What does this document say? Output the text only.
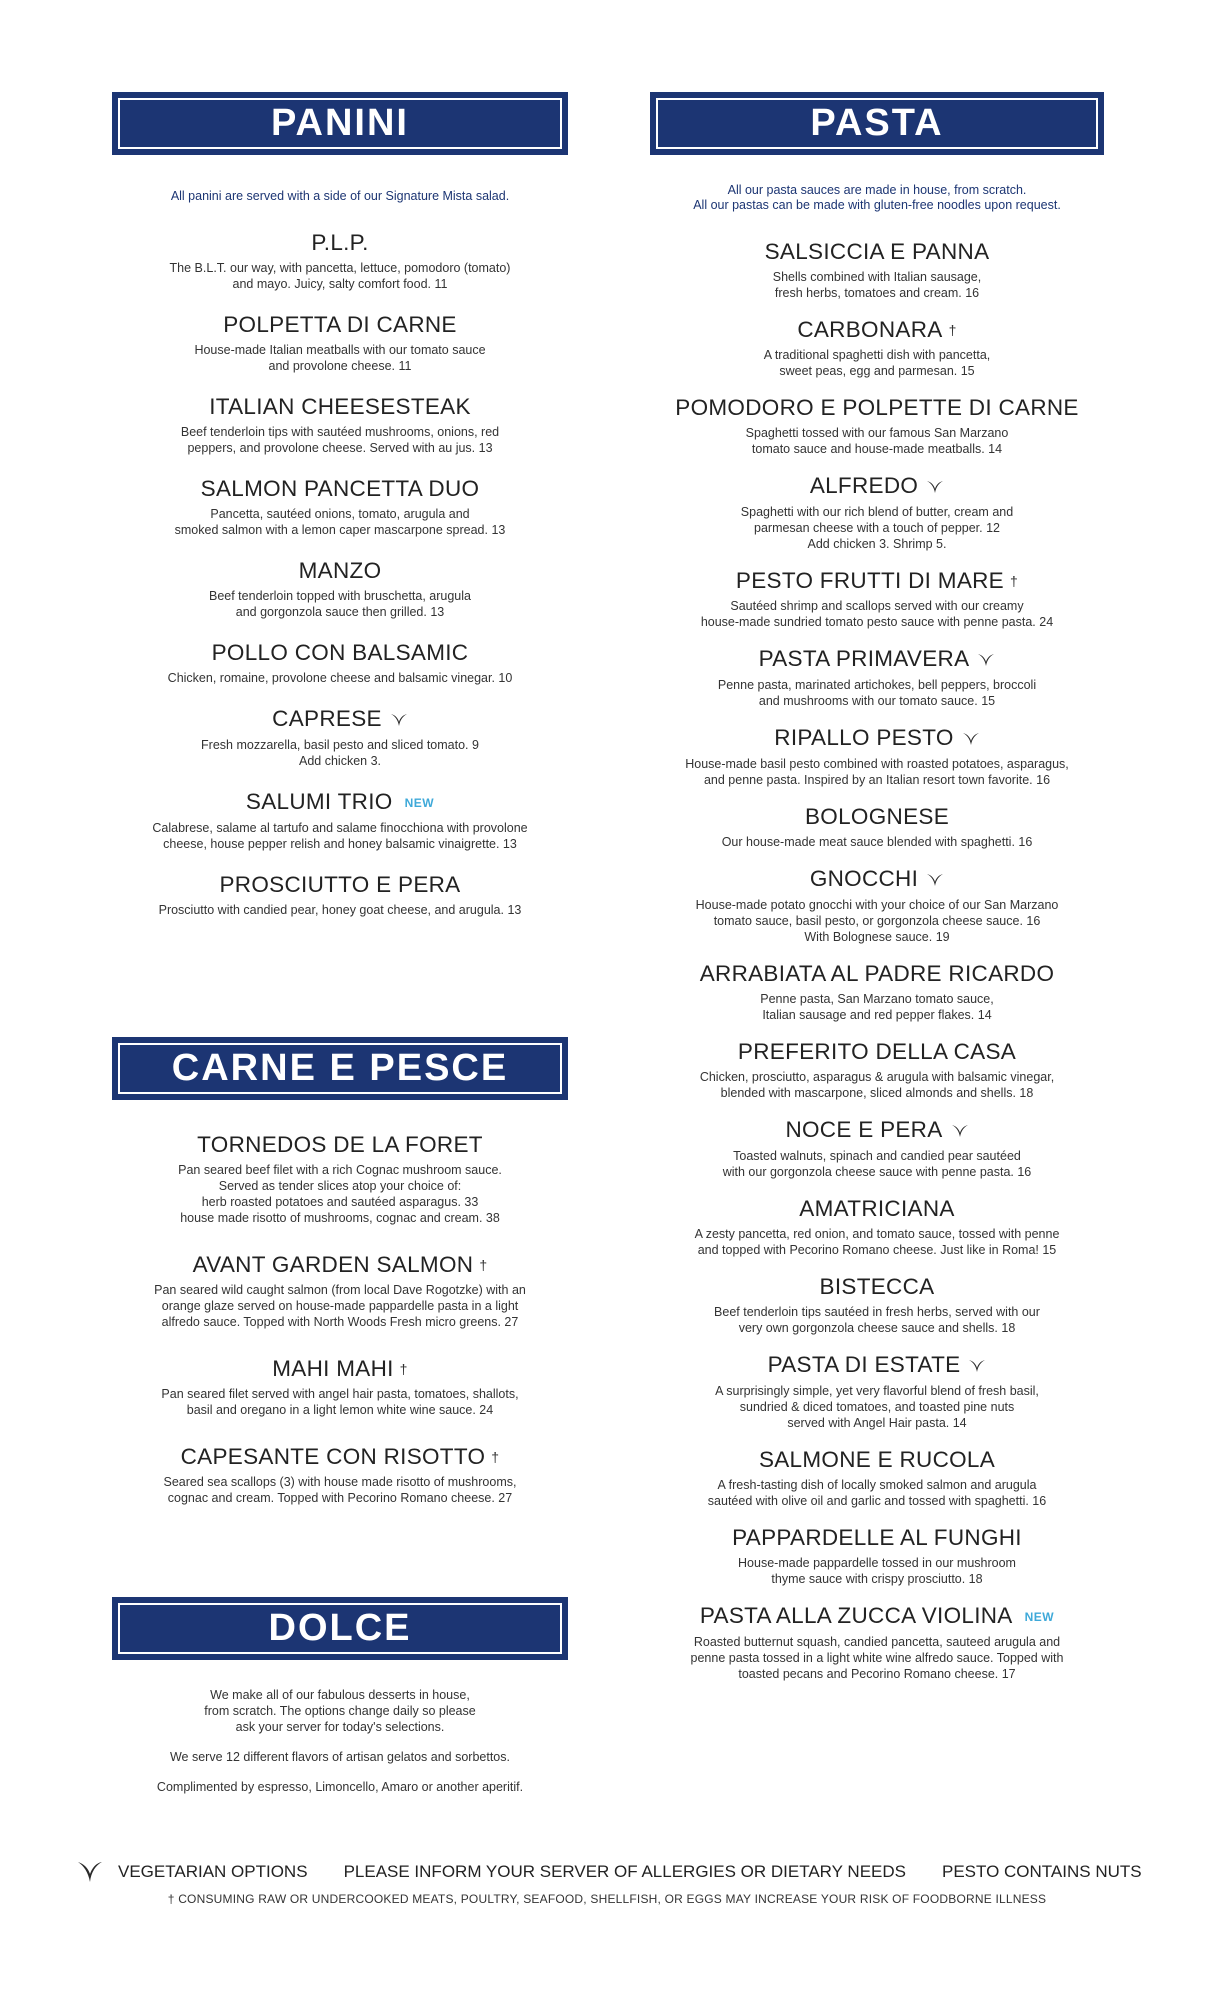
PANINI
All panini are served with a side of our Signature Mista salad.
P.L.P.
The B.L.T. our way, with pancetta, lettuce, pomodoro (tomato)
and mayo. Juicy, salty comfort food. 11
POLPETTA DI CARNE
House-made Italian meatballs with our tomato sauce
and provolone cheese. 11
ITALIAN CHEESESTEAK
Beef tenderloin tips with sautéed mushrooms, onions, red
peppers, and provolone cheese. Served with au jus. 13
SALMON PANCETTA DUO
Pancetta, sautéed onions, tomato, arugula and
smoked salmon with a lemon caper mascarpone spread. 13
MANZO
Beef tenderloin topped with bruschetta, arugula
and gorgonzola sauce then grilled. 13
POLLO CON BALSAMIC
Chicken, romaine, provolone cheese and balsamic vinegar. 10
CAPRESE
Fresh mozzarella, basil pesto and sliced tomato. 9
Add chicken 3.
SALUMI TRIO NEW
Calabrese, salame al tartufo and salame finocchiona with provolone
cheese, house pepper relish and honey balsamic vinaigrette. 13
PROSCIUTTO E PERA
Prosciutto with candied pear, honey goat cheese, and arugula. 13
CARNE E PESCE
TORNEDOS DE LA FORET
Pan seared beef filet with a rich Cognac mushroom sauce.
Served as tender slices atop your choice of:
herb roasted potatoes and sautéed asparagus. 33
house made risotto of mushrooms, cognac and cream. 38
AVANT GARDEN SALMON †
Pan seared wild caught salmon (from local Dave Rogotzke) with an
orange glaze served on house-made pappardelle pasta in a light
alfredo sauce. Topped with North Woods Fresh micro greens. 27
MAHI MAHI †
Pan seared filet served with angel hair pasta, tomatoes, shallots,
basil and oregano in a light lemon white wine sauce. 24
CAPESANTE CON RISOTTO †
Seared sea scallops (3) with house made risotto of mushrooms,
cognac and cream. Topped with Pecorino Romano cheese. 27
DOLCE
We make all of our fabulous desserts in house,
from scratch. The options change daily so please
ask your server for today's selections.
We serve 12 different flavors of artisan gelatos and sorbettos.
Complimented by espresso, Limoncello, Amaro or another aperitif.
PASTA
All our pasta sauces are made in house, from scratch.
All our pastas can be made with gluten-free noodles upon request.
SALSICCIA E PANNA
Shells combined with Italian sausage,
fresh herbs, tomatoes and cream. 16
CARBONARA †
A traditional spaghetti dish with pancetta,
sweet peas, egg and parmesan. 15
POMODORO E POLPETTE DI CARNE
Spaghetti tossed with our famous San Marzano
tomato sauce and house-made meatballs. 14
ALFREDO
Spaghetti with our rich blend of butter, cream and
parmesan cheese with a touch of pepper. 12
Add chicken 3. Shrimp 5.
PESTO FRUTTI DI MARE †
Sautéed shrimp and scallops served with our creamy
house-made sundried tomato pesto sauce with penne pasta. 24
PASTA PRIMAVERA
Penne pasta, marinated artichokes, bell peppers, broccoli
and mushrooms with our tomato sauce. 15
RIPALLO PESTO
House-made basil pesto combined with roasted potatoes, asparagus,
and penne pasta. Inspired by an Italian resort town favorite. 16
BOLOGNESE
Our house-made meat sauce blended with spaghetti. 16
GNOCCHI
House-made potato gnocchi with your choice of our San Marzano
tomato sauce, basil pesto, or gorgonzola cheese sauce. 16
With Bolognese sauce. 19
ARRABIATA AL PADRE RICARDO
Penne pasta, San Marzano tomato sauce,
Italian sausage and red pepper flakes. 14
PREFERITO DELLA CASA
Chicken, prosciutto, asparagus & arugula with balsamic vinegar,
blended with mascarpone, sliced almonds and shells. 18
NOCE E PERA
Toasted walnuts, spinach and candied pear sautéed
with our gorgonzola cheese sauce with penne pasta. 16
AMATRICIANA
A zesty pancetta, red onion, and tomato sauce, tossed with penne
and topped with Pecorino Romano cheese. Just like in Roma! 15
BISTECCA
Beef tenderloin tips sautéed in fresh herbs, served with our
very own gorgonzola cheese sauce and shells. 18
PASTA DI ESTATE
A surprisingly simple, yet very flavorful blend of fresh basil,
sundried & diced tomatoes, and toasted pine nuts
served with Angel Hair pasta. 14
SALMONE E RUCOLA
A fresh-tasting dish of locally smoked salmon and arugula
sautéed with olive oil and garlic and tossed with spaghetti. 16
PAPPARDELLE AL FUNGHI
House-made pappardelle tossed in our mushroom
thyme sauce with crispy prosciutto. 18
PASTA ALLA ZUCCA VIOLINA NEW
Roasted butternut squash, candied pancetta, sauteed arugula and
penne pasta tossed in a light white wine alfredo sauce. Topped with
toasted pecans and Pecorino Romano cheese. 17
VEGETARIAN OPTIONS PLEASE INFORM YOUR SERVER OF ALLERGIES OR DIETARY NEEDS PESTO CONTAINS NUTS
† CONSUMING RAW OR UNDERCOOKED MEATS, POULTRY, SEAFOOD, SHELLFISH, OR EGGS MAY INCREASE YOUR RISK OF FOODBORNE ILLNESS
